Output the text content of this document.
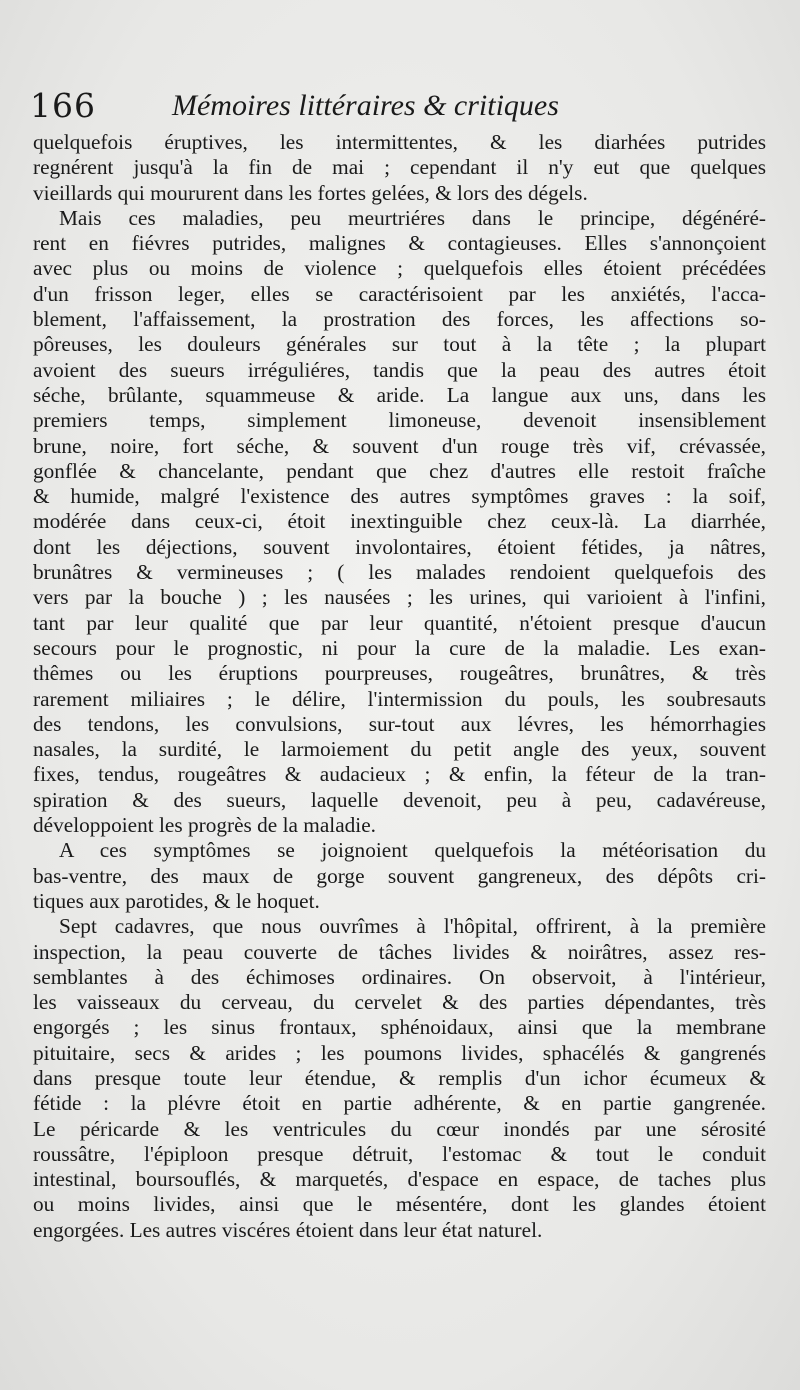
166	Mémoires littéraires & critiques
quelquefois éruptives, les intermittentes, & les diarhées putrides
regnérent jusqu'à la fin de mai ; cependant il n'y eut que quelques
vieillards qui moururent dans les fortes gelées, & lors des dégels.
Mais ces maladies, peu meurtriéres dans le principe, dégénéré-
rent en fiévres putrides, malignes & contagieuses. Elles s'annonçoient
avec plus ou moins de violence ; quelquefois elles étoient précédées
d'un frisson leger, elles se caractérisoient par les anxiétés, l'acca-
blement, l'affaissement, la prostration des forces, les affections so-
pôreuses, les douleurs générales sur tout à la tête ; la plupart
avoient des sueurs irréguliéres, tandis que la peau des autres étoit
séche, brûlante, squammeuse & aride. La langue aux uns, dans les
premiers temps, simplement limoneuse, devenoit insensiblement
brune, noire, fort séche, & souvent d'un rouge très vif, crévassée,
gonflée & chancelante, pendant que chez d'autres elle restoit fraîche
& humide, malgré l'existence des autres symptômes graves : la soif,
modérée dans ceux-ci, étoit inextinguible chez ceux-là. La diarrhée,
dont les déjections, souvent involontaires, étoient fétides, ja nâtres,
brunâtres & vermineuses ; ( les malades rendoient quelquefois des
vers par la bouche ) ; les nausées ; les urines, qui varioient à l'infini,
tant par leur qualité que par leur quantité, n'étoient presque d'aucun
secours pour le prognostic, ni pour la cure de la maladie. Les exan-
thêmes ou les éruptions pourpreuses, rougeâtres, brunâtres, & très
rarement miliaires ; le délire, l'intermission du pouls, les soubresauts
des tendons, les convulsions, sur-tout aux lévres, les hémorrhagies
nasales, la surdité, le larmoiement du petit angle des yeux, souvent
fixes, tendus, rougeâtres & audacieux ; & enfin, la féteur de la tran-
spiration & des sueurs, laquelle devenoit, peu à peu, cadavéreuse,
développoient les progrès de la maladie.
A ces symptômes se joignoient quelquefois la météorisation du
bas-ventre, des maux de gorge souvent gangreneux, des dépôts cri-
tiques aux parotides, & le hoquet.
Sept cadavres, que nous ouvrîmes à l'hôpital, offrirent, à la première
inspection, la peau couverte de tâches livides & noirâtres, assez res-
semblantes à des échimoses ordinaires. On observoit, à l'intérieur,
les vaisseaux du cerveau, du cervelet & des parties dépendantes, très
engorgés ; les sinus frontaux, sphénoidaux, ainsi que la membrane
pituitaire, secs & arides ; les poumons livides, sphacélés & gangrenés
dans presque toute leur étendue, & remplis d'un ichor écumeux &
fétide : la plévre étoit en partie adhérente, & en partie gangrenée.
Le péricarde & les ventricules du cœur inondés par une sérosité
roussâtre, l'épiploon presque détruit, l'estomac & tout le conduit
intestinal, boursouflés, & marquetés, d'espace en espace, de taches plus
ou moins livides, ainsi que le mésentére, dont les glandes étoient
engorgées. Les autres viscéres étoient dans leur état naturel.
